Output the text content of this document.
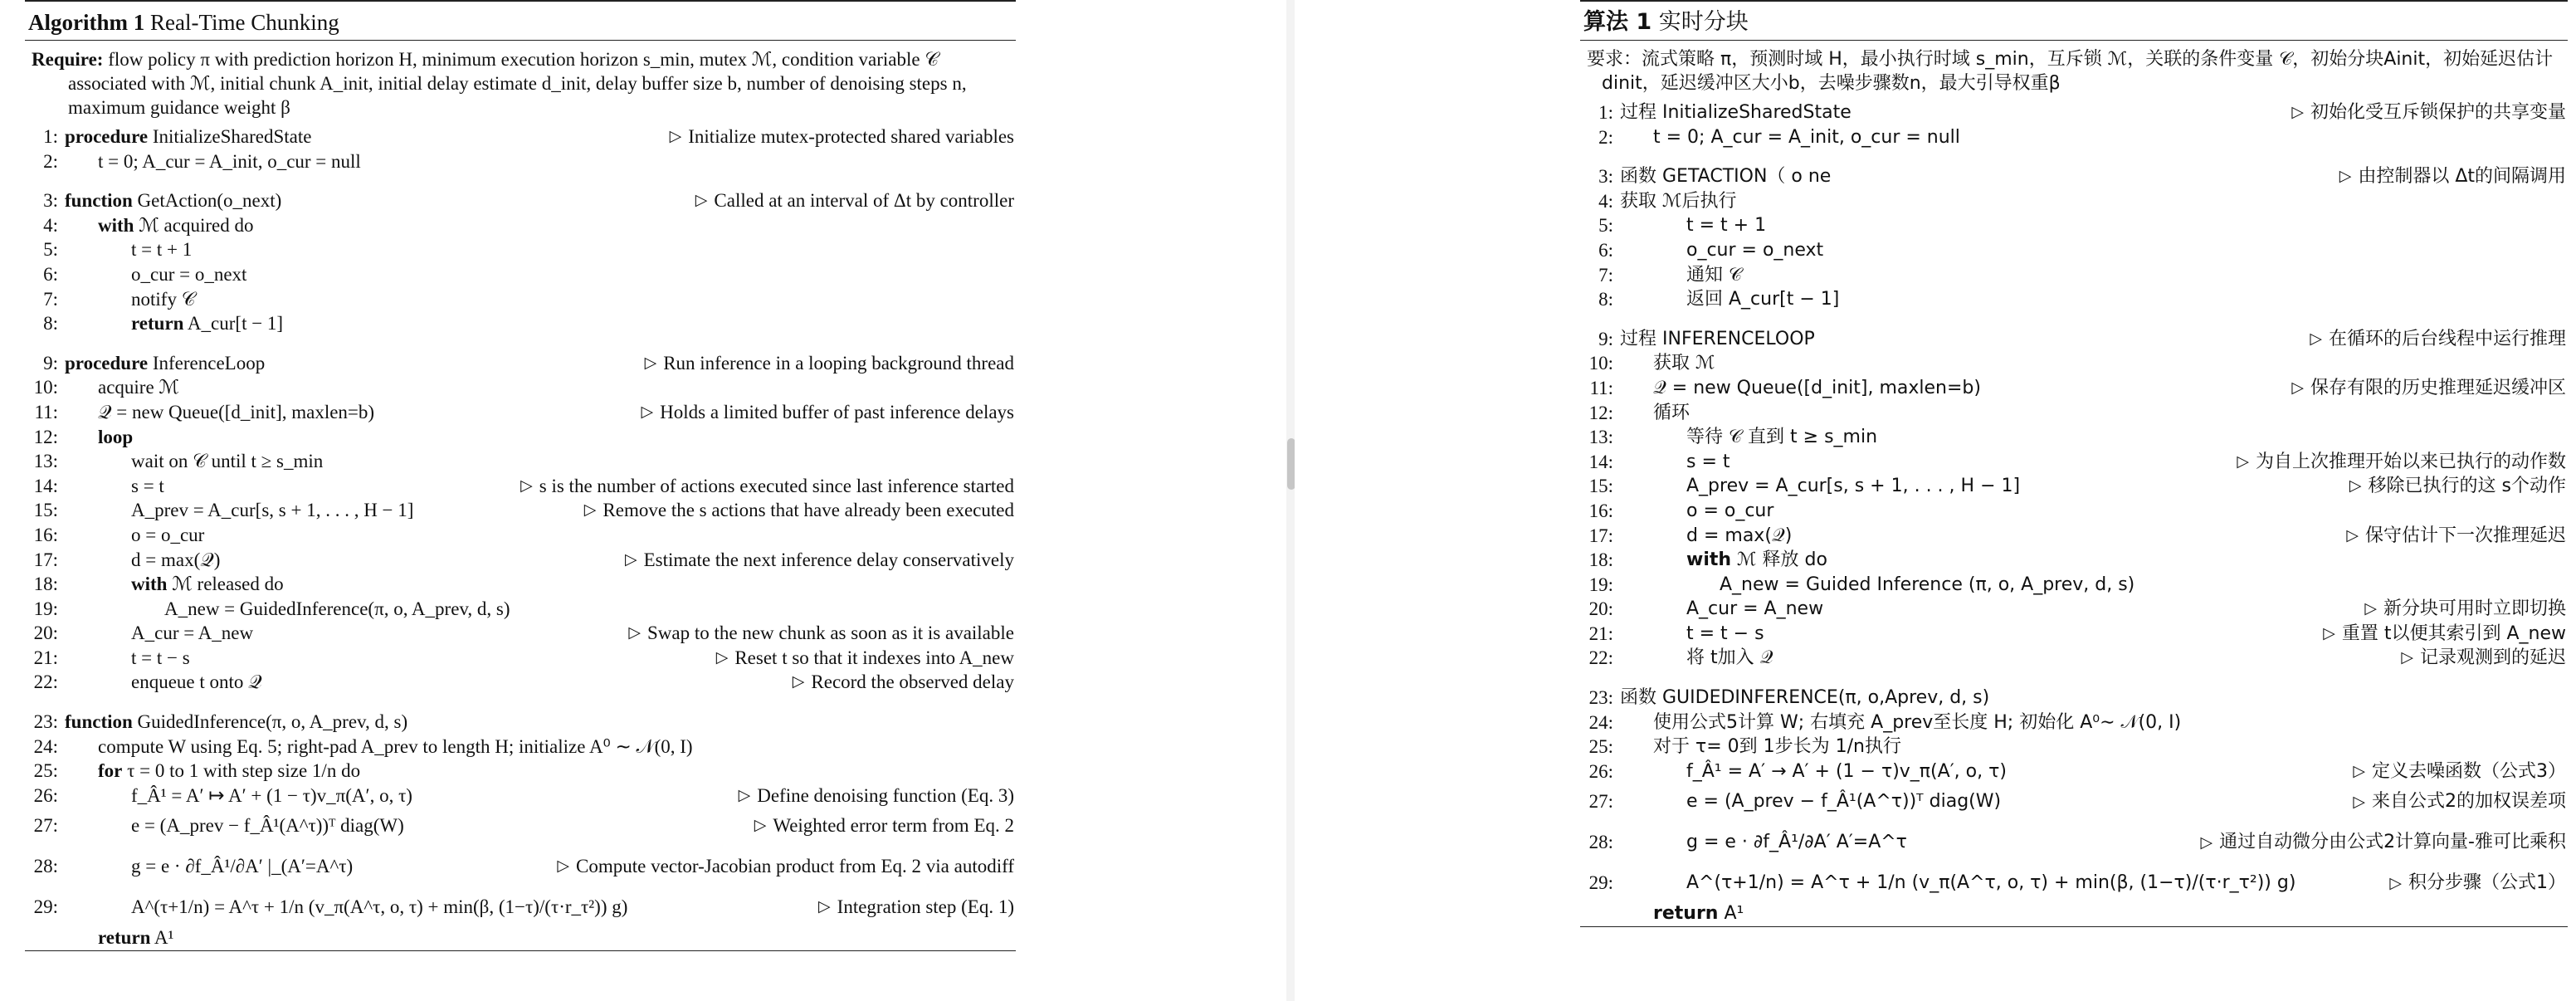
Algorithm 1 Real-Time Chunking
Require: flow policy π with prediction horizon H, minimum execution horizon s_min, mutex ℳ, condition variable 𝒞 associated with ℳ, initial chunk A_init, initial delay estimate d_init, delay buffer size b, number of denoising steps n, maximum guidance weight β
1: procedure InitializeSharedState	Initialize mutex-protected shared variables
▷
2: t = 0; A_cur = A_init, o_cur = null
3: function GetAction(o_next)	Called at an interval of Δt by controller
▷
4: with ℳ acquired do
5:	t = t + 1
6:	o_cur = o_next
7:	notify 𝒞
8:	return A_cur[t − 1]
9: procedure InferenceLoop	Run inference in a looping background thread
▷
10: acquire ℳ
11: 𝒬 = new Queue([d_init], maxlen=b)	Holds a limited buffer of past inference delays
▷
12: loop
13:	wait on 𝒞 until t ≥ s_min
14:	s = t	s is the number of actions executed since last inference started
▷
15:	A_prev = A_cur[s, s + 1, . . . , H − 1]	Remove the s actions that have already been executed
▷
16:	o = o_cur
17:	d = max(𝒬)	Estimate the next inference delay conservatively
▷
18:	with ℳ released do
19:	A_new = GuidedInference(π, o, A_prev, d, s)
20:	A_cur = A_new	Swap to the new chunk as soon as it is available
▷
21:	t = t − s	Reset t so that it indexes into A_new
▷
22:	enqueue t onto 𝒬	Record the observed delay
▷
23: function GuidedInference(π, o, A_prev, d, s)
24: compute W using Eq. 5; right-pad A_prev to length H; initialize A⁰ ∼ 𝒩(0, I)
25: for τ = 0 to 1 with step size 1/n do
26:	f_Â¹ = A′ ↦ A′ + (1 − τ)v_π(A′, o, τ)	Define denoising function (Eq. 3)
▷
27:	e = (A_prev − f_Â¹(A^τ))ᵀ diag(W)	Weighted error term from Eq. 2
▷
28:	g = e · ∂f_Â¹/∂A′ |_(A′=A^τ)	Compute vector-Jacobian product from Eq. 2 via autodiff
▷
29:	A^(τ+1/n) = A^τ + 1/n (v_π(A^τ, o, τ) + min(β, (1−τ)/(τ·r_τ²)) g)	Integration step (Eq. 1)
▷
return A¹
算法 1 实时分块
要求：流式策略 π，预测时域 H，最小执行时域 s_min，互斥锁 ℳ，关联的条件变量 𝒞，初始分块Ainit，初始延迟估计dinit，延迟缓冲区大小b，去噪步骤数n，最大引导权重β
1: 过程 InitializeSharedState	初始化受互斥锁保护的共享变量
▷
2: t = 0; A_cur = A_init, o_cur = null
3: 函数 GETACTION（ o ne	由控制器以 Δt的间隔调用
▷
4: 获取 ℳ后执行
5:	t = t + 1
6:	o_cur = o_next
7:	通知 𝒞
8:	返回 A_cur[t − 1]
9: 过程 INFERENCELOOP	在循环的后台线程中运行推理
▷
10: 获取 ℳ
11: 𝒬 = new Queue([d_init], maxlen=b)	保存有限的历史推理延迟缓冲区
▷
12: 循环
13:	等待 𝒞 直到 t ≥ s_min
14:	s = t	为自上次推理开始以来已执行的动作数
▷
15:	A_prev = A_cur[s, s + 1, . . . , H − 1]	移除已执行的这 s个动作
▷
16:	o = o_cur
17:	d = max(𝒬)	保守估计下一次推理延迟
▷
18:	with ℳ 释放 do
19:	A_new = Guided Inference (π, o, A_prev, d, s)
20:	A_cur = A_new	新分块可用时立即切换
▷
21:	t = t − s	重置 t以便其索引到 A_new
▷
22:	将 t加入 𝒬	记录观测到的延迟
▷
23: 函数 GUIDEDINFERENCE(π, o,Aprev, d, s)
24: 使用公式5计算 W; 右填充 A_prev至长度 H; 初始化 A⁰∼ 𝒩(0, I)
25: 对于 τ= 0到 1步长为 1/n执行
26:	f_Â¹ = A′ → A′ + (1 − τ)v_π(A′, o, τ)	定义去噪函数（公式3）
▷
27:	e = (A_prev − f_Â¹(A^τ))ᵀ diag(W)	来自公式2的加权误差项
▷
28:	g = e · ∂f_Â¹/∂A′ A′=A^τ	通过自动微分由公式2计算向量-雅可比乘积
▷
29:	A^(τ+1/n) = A^τ + 1/n (v_π(A^τ, o, τ) + min(β, (1−τ)/(τ·r_τ²)) g)	积分步骤（公式1）
▷
return A¹
